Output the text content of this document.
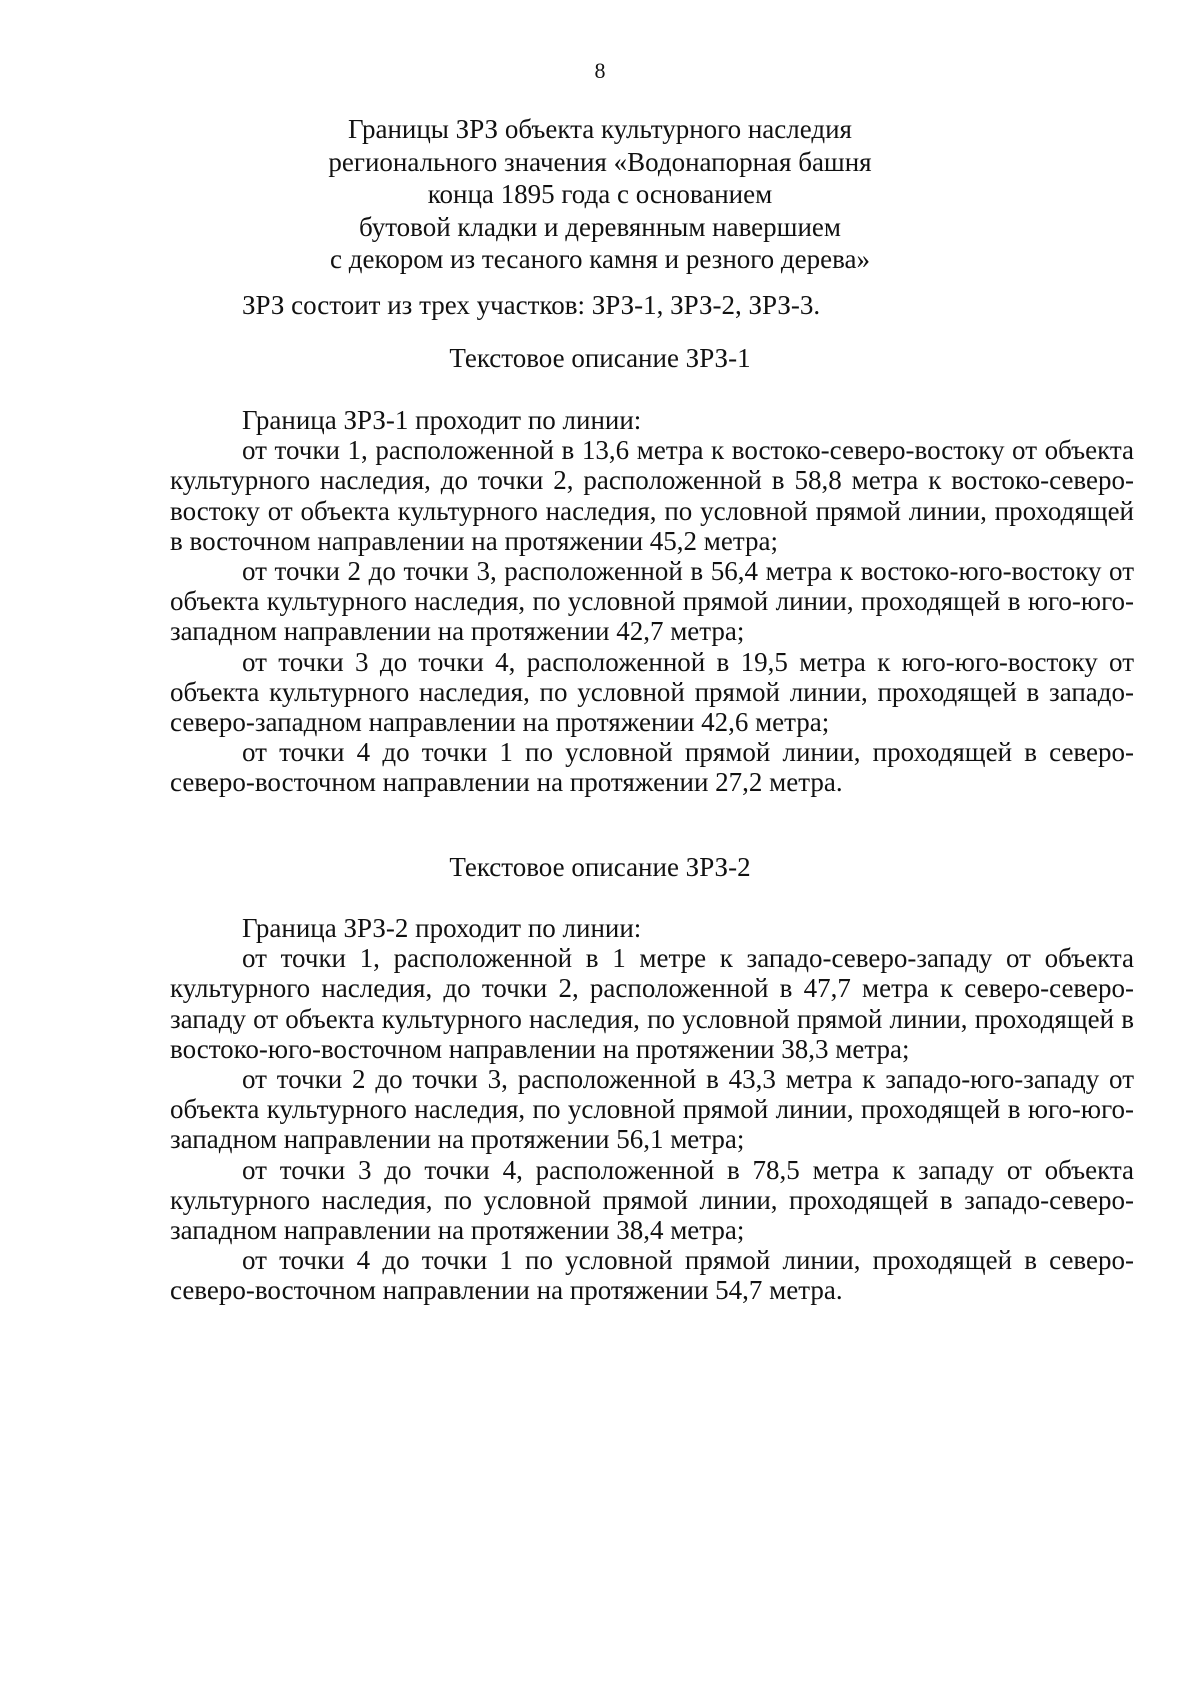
8
Границы ЗРЗ объекта культурного наследия
регионального значения «Водонапорная башня
конца 1895 года с основанием
бутовой кладки и деревянным навершием
с декором из тесаного камня и резного дерева»
ЗРЗ состоит из трех участков: ЗРЗ-1, ЗРЗ-2, ЗРЗ-3.
Текстовое описание ЗРЗ-1

Граница ЗРЗ-1 проходит по линии:

от точки 1, расположенной в 13,6 метра к востоко-северо-востоку от объекта культурного наследия, до точки 2, расположенной в 58,8 метра к востоко-северо-востоку от объекта культурного наследия, по условной прямой линии, проходящей в восточном направлении на протяжении 45,2 метра;

от точки 2 до точки 3, расположенной в 56,4 метра к востоко-юго-востоку от объекта культурного наследия, по условной прямой линии, проходящей в юго-юго-западном направлении на протяжении 42,7 метра;

от точки 3 до точки 4, расположенной в 19,5 метра к юго-юго-востоку от объекта культурного наследия, по условной прямой линии, проходящей в западо-северо-западном направлении на протяжении 42,6 метра;

от точки 4 до точки 1 по условной прямой линии, проходящей в северо-северо-восточном направлении на протяжении 27,2 метра.

Текстовое описание ЗРЗ-2

Граница ЗРЗ-2 проходит по линии:

от точки 1, расположенной в 1 метре к западо-северо-западу от объекта культурного наследия, до точки 2, расположенной в 47,7 метра к северо-северо-западу от объекта культурного наследия, по условной прямой линии, проходящей в востоко-юго-восточном направлении на протяжении 38,3 метра;

от точки 2 до точки 3, расположенной в 43,3 метра к западо-юго-западу от объекта культурного наследия, по условной прямой линии, проходящей в юго-юго-западном направлении на протяжении 56,1 метра;

от точки 3 до точки 4, расположенной в 78,5 метра к западу от объекта культурного наследия, по условной прямой линии, проходящей в западо-северо-западном направлении на протяжении 38,4 метра;

от точки 4 до точки 1 по условной прямой линии, проходящей в северо-северо-восточном направлении на протяжении 54,7 метра.
